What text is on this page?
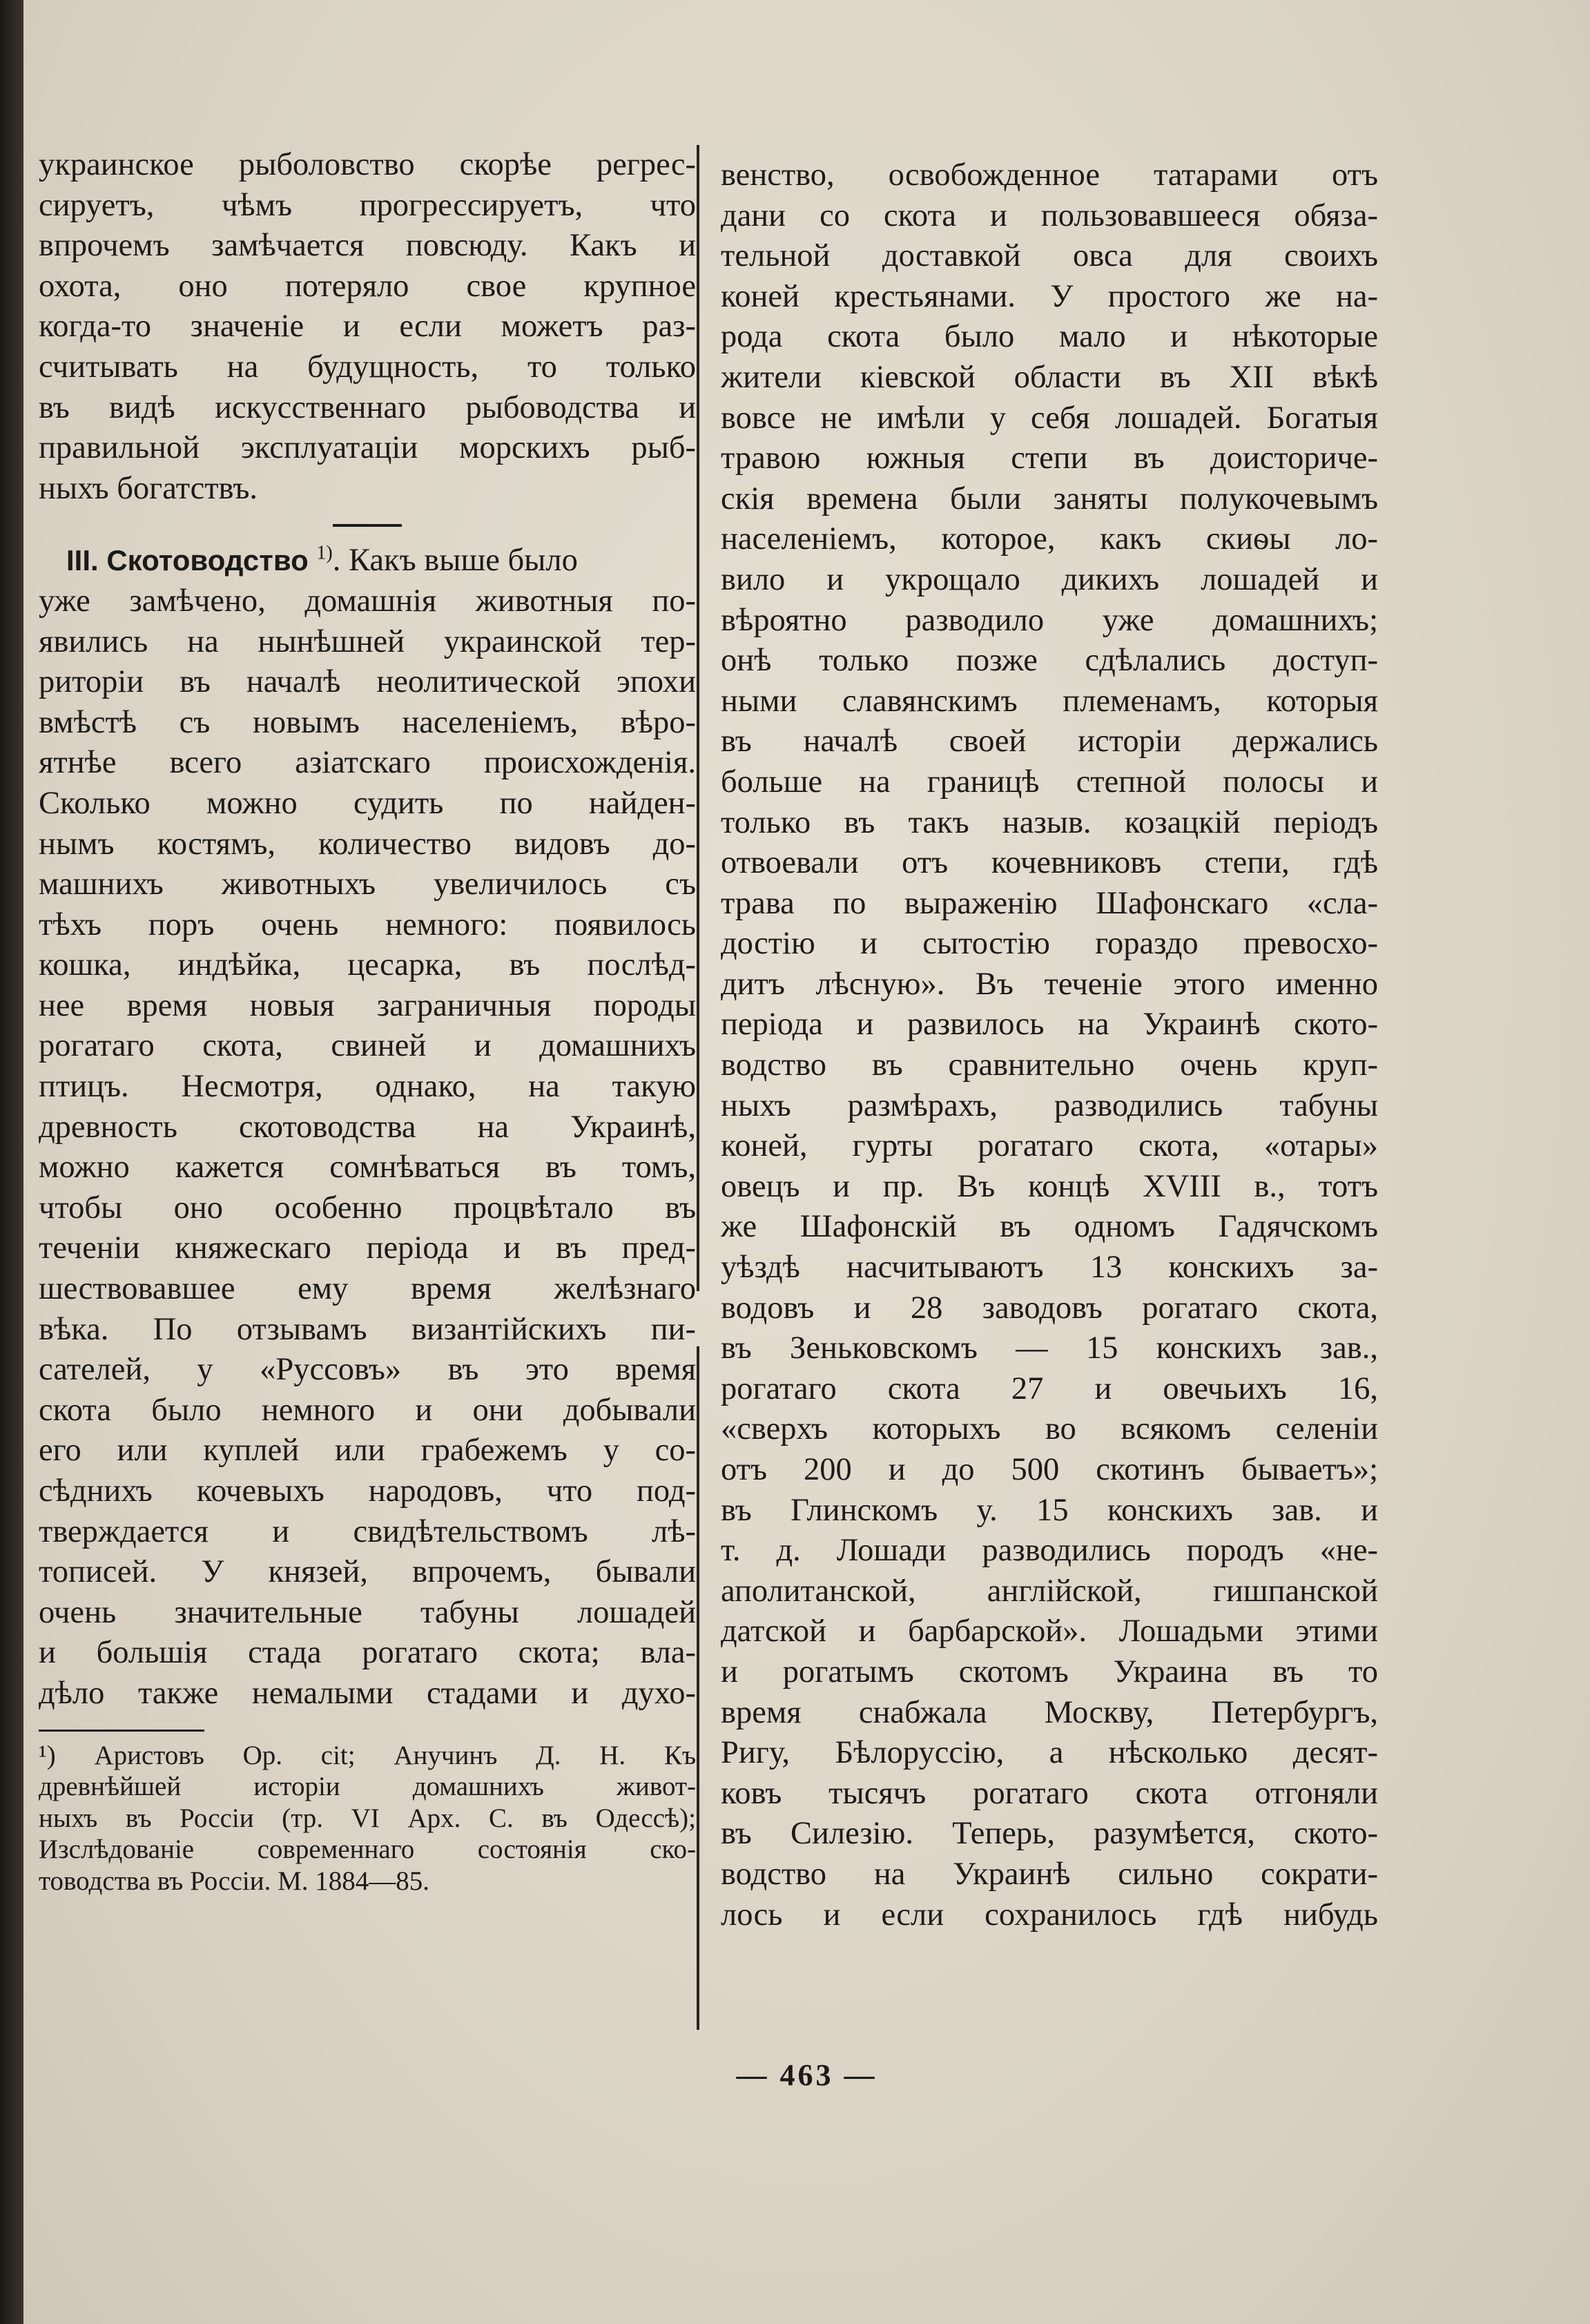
украинское рыболовство скорѣе регрес-
сируетъ, чѣмъ прогрессируетъ, что
впрочемъ замѣчается повсюду. Какъ и
охота, оно потеряло свое крупное
когда-то значеніе и если можетъ раз-
считывать на будущность, то только
въ видѣ искусственнаго рыбоводства и
правильной эксплуатаціи морскихъ рыб-
ныхъ богатствъ.
III. Скотоводство $^{1)}$. Какъ выше было
уже замѣчено, домашнія животныя по-
явились на нынѣшней украинской тер-
риторіи въ началѣ неолитической эпохи
вмѣстѣ съ новымъ населеніемъ, вѣро-
ятнѣе всего азіатскаго происхожденія.
Сколько можно судить по найден-
нымъ костямъ, количество видовъ до-
машнихъ животныхъ увеличилось съ
тѣхъ поръ очень немного: появилось
кошка, индѣйка, цесарка, въ послѣд-
нее время новыя заграничныя породы
рогатаго скота, свиней и домашнихъ
птицъ. Несмотря, однако, на такую
древность скотоводства на Украинѣ,
можно кажется сомнѣваться въ томъ,
чтобы оно особенно процвѣтало въ
теченіи княжескаго періода и въ пред-
шествовавшее ему время желѣзнаго
вѣка. По отзывамъ византійскихъ пи-
сателей, у «Руссовъ» въ это время
скота было немного и они добывали
его или куплей или грабежемъ у со-
сѣднихъ кочевыхъ народовъ, что под-
тверждается и свидѣтельствомъ лѣ-
тописей. У князей, впрочемъ, бывали
очень значительные табуны лошадей
и большія стада рогатаго скота; вла-
дѣло также немалыми стадами и духо-
¹) Аристовъ Op. cit; Анучинъ Д. Н. Къ
древнѣйшей исторіи домашнихъ живот-
ныхъ въ Россіи (тр. VI Арх. С. въ Одессѣ);
Изслѣдованіе современнаго состоянія ско-
товодства въ Россіи. М. 1884—85.
венство, освобожденное татарами отъ
дани со скота и пользовавшееся обяза-
тельной доставкой овса для своихъ
коней крестьянами. У простого же на-
рода скота было мало и нѣкоторые
жители кіевской области въ XII вѣкѣ
вовсе не имѣли у себя лошадей. Богатыя
травою южныя степи въ доисториче-
скія времена были заняты полукочевымъ
населеніемъ, которое, какъ скиѳы ло-
вило и укрощало дикихъ лошадей и
вѣроятно разводило уже домашнихъ;
онѣ только позже сдѣлались доступ-
ными славянскимъ племенамъ, которыя
въ началѣ своей исторіи держались
больше на границѣ степной полосы и
только въ такъ назыв. козацкій періодъ
отвоевали отъ кочевниковъ степи, гдѣ
трава по выраженію Шафонскаго «сла-
достію и сытостію гораздо превосхо-
дитъ лѣсную». Въ теченіе этого именно
періода и развилось на Украинѣ ското-
водство въ сравнительно очень круп-
ныхъ размѣрахъ, разводились табуны
коней, гурты рогатаго скота, «отары»
овецъ и пр. Въ концѣ XVIII в., тотъ
же Шафонскій въ одномъ Гадячскомъ
уѣздѣ насчитываютъ 13 конскихъ за-
водовъ и 28 заводовъ рогатаго скота,
въ Зеньковскомъ — 15 конскихъ зав.,
рогатаго скота 27 и овечьихъ 16,
«сверхъ которыхъ во всякомъ селеніи
отъ 200 и до 500 скотинъ бываетъ»;
въ Глинскомъ у. 15 конскихъ зав. и
т. д. Лошади разводились породъ «не-
аполитанской, англійской, гишпанской
датской и барбарской». Лошадьми этими
и рогатымъ скотомъ Украина въ то
время снабжала Москву, Петербургъ,
Ригу, Бѣлоруссію, а нѣсколько десят-
ковъ тысячъ рогатаго скота отгоняли
въ Силезію. Теперь, разумѣется, ското-
водство на Украинѣ сильно сократи-
лось и если сохранилось гдѣ нибудь
— 463 —
